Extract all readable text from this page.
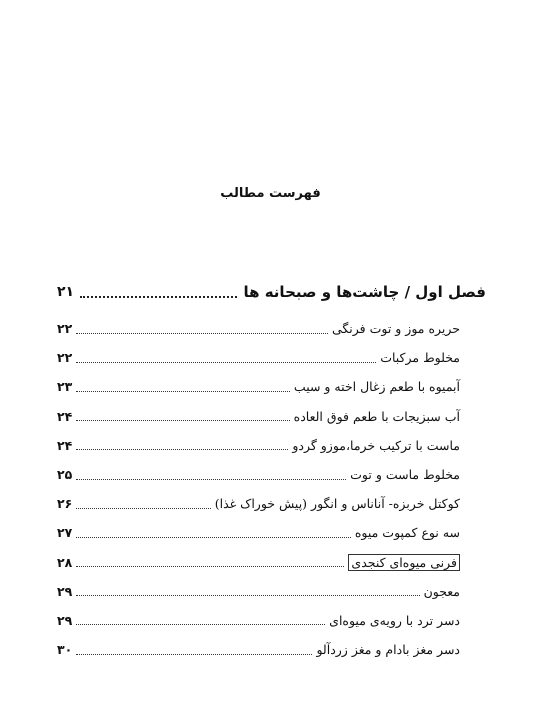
فهرست مطالب
فصل اول / چاشت‌ها و صبحانه ها
۲۱
حریره موز و توت فرنگی
۲۲
مخلوط مرکبات
۲۲
آبمیوه با طعم زغال اخته و سیب
۲۳
آب سبزیجات با طعم فوق العاده
۲۴
ماست با ترکیب خرما،موزو گردو
۲۴
مخلوط ماست و توت
۲۵
کوکتل خربزه- آناناس و انگور (پیش خوراک غذا)
۲۶
سه نوع کمپوت میوه
۲۷
فرنی میوه‌ای کنجدی
۲۸
معجون
۲۹
دسر ترد با رویه‌ی میوه‌ای
۲۹
دسر مغز بادام و مغز زردآلو
۳۰
